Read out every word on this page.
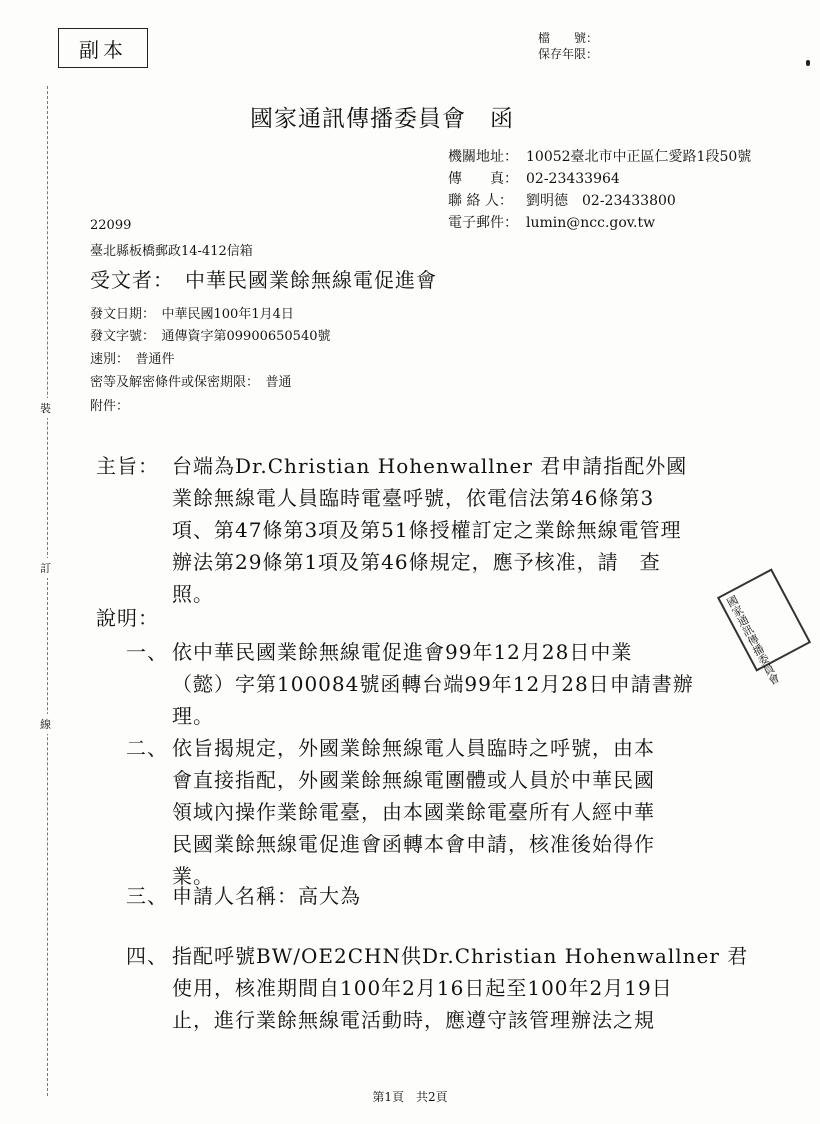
副本	檔　　號：
保存年限：
裝
訂
線
國家通訊傳播委員會　函
機關地址： 10052臺北市中正區仁愛路1段50號
傳　　真： 02-23433964
聯 絡 人： 劉明德　02-23433800
電子郵件： lumin@ncc.gov.tw
22099
臺北縣板橋郵政14-412信箱
受文者：　中華民國業餘無線電促進會
發文日期：　中華民國100年1月4日
發文字號：　通傳資字第09900650540號
速別：　普通件
密等及解密條件或保密期限：　普通
附件：
主旨： 台端為Dr.Christian Hohenwallner 君申請指配外國
業餘無線電人員臨時電臺呼號，依電信法第46條第3
項、第47條第3項及第51條授權訂定之業餘無線電管理
辦法第29條第1項及第46條規定，應予核准，請　查
照。
說明：
一、 依中華民國業餘無線電促進會99年12月28日中業
（懿）字第100084號函轉台端99年12月28日申請書辦
理。
二、 依旨揭規定，外國業餘無線電人員臨時之呼號，由本
會直接指配，外國業餘無線電團體或人員於中華民國
領域內操作業餘電臺，由本國業餘電臺所有人經中華
民國業餘無線電促進會函轉本會申請，核准後始得作
業。
三、 申請人名稱：高大為
四、 指配呼號BW/OE2CHN供Dr.Christian Hohenwallner 君
使用，核准期間自100年2月16日起至100年2月19日
止，進行業餘無線電活動時，應遵守該管理辦法之規
國家通訊傳播委員會
第1頁　 共2頁
